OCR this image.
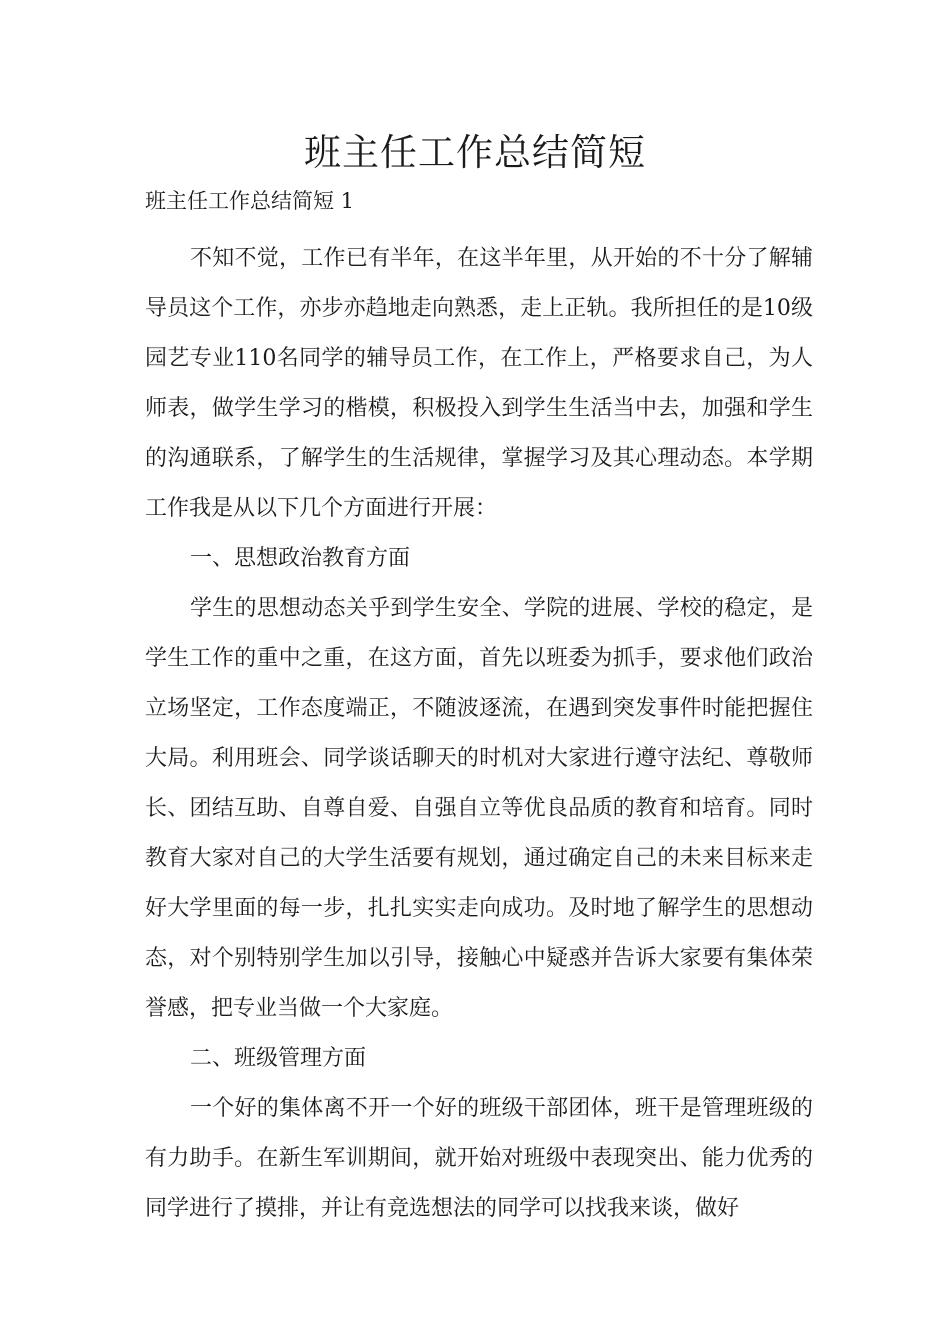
班主任工作总结简短

班主任工作总结简短 1

不知不觉，工作已有半年，在这半年里，从开始的不十分了解辅导员这个工作，亦步亦趋地走向熟悉，走上正轨。我所担任的是10级园艺专业110名同学的辅导员工作，在工作上，严格要求自己，为人师表，做学生学习的楷模，积极投入到学生生活当中去，加强和学生的沟通联系，了解学生的生活规律，掌握学习及其心理动态。本学期工作我是从以下几个方面进行开展：

一、思想政治教育方面

学生的思想动态关乎到学生安全、学院的进展、学校的稳定，是学生工作的重中之重，在这方面，首先以班委为抓手，要求他们政治立场坚定，工作态度端正，不随波逐流，在遇到突发事件时能把握住大局。利用班会、同学谈话聊天的时机对大家进行遵守法纪、尊敬师长、团结互助、自尊自爱、自强自立等优良品质的教育和培育。同时教育大家对自己的大学生活要有规划，通过确定自己的未来目标来走好大学里面的每一步，扎扎实实走向成功。及时地了解学生的思想动态，对个别特别学生加以引导，接触心中疑惑并告诉大家要有集体荣誉感，把专业当做一个大家庭。

二、班级管理方面

一个好的集体离不开一个好的班级干部团体，班干是管理班级的有力助手。在新生军训期间，就开始对班级中表现突出、能力优秀的同学进行了摸排，并让有竞选想法的同学可以找我来谈，做好
